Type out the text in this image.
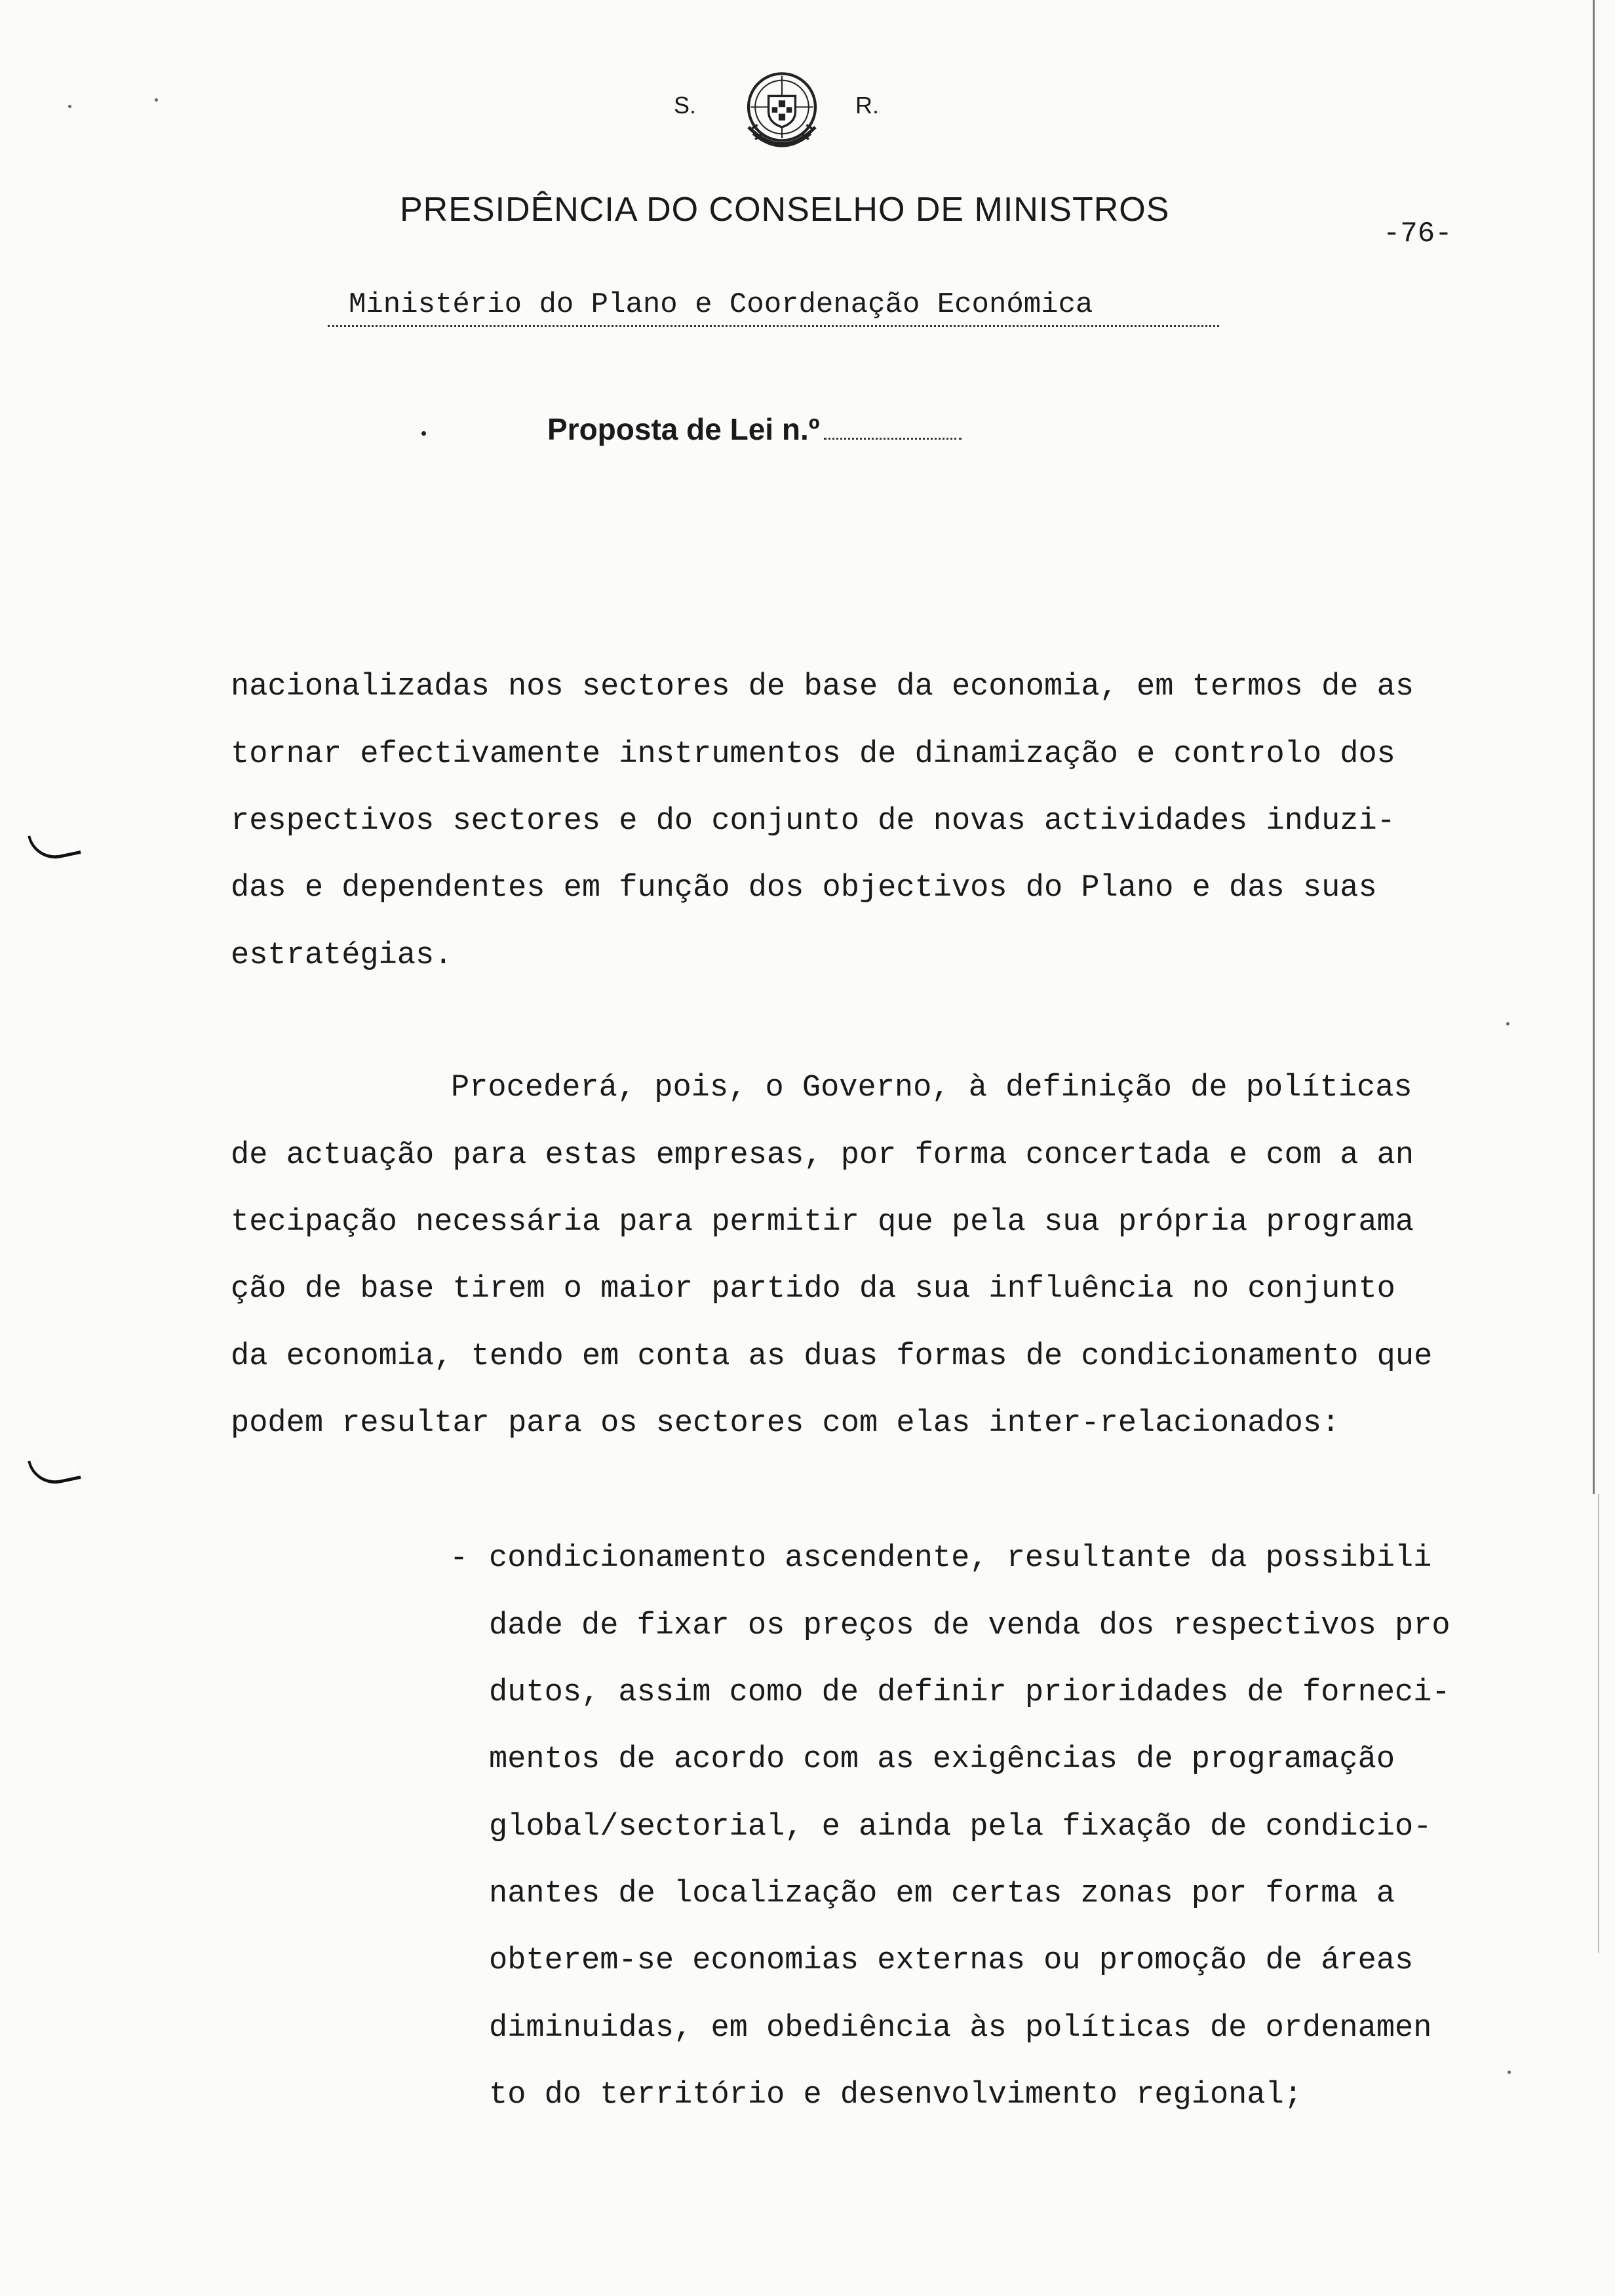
S.	R.
PRESIDÊNCIA DO CONSELHO DE MINISTROS
-76-
Ministério do Plano e Coordenação Económica
Proposta de Lei n.º
nacionalizadas nos sectores de base da economia, em termos de as
tornar efectivamente instrumentos de dinamização e controlo dos
respectivos sectores e do conjunto de novas actividades induzi-
das e dependentes em função dos objectivos do Plano e das suas
estratégias.
Procederá, pois, o Governo, à definição de políticas
de actuação para estas empresas, por forma concertada e com a an
tecipação necessária para permitir que pela sua própria programa
ção de base tirem o maior partido da sua influência no conjunto
da economia, tendo em conta as duas formas de condicionamento que
podem resultar para os sectores com elas inter-relacionados:
- condicionamento ascendente, resultante da possibili
dade de fixar os preços de venda dos respectivos pro
dutos, assim como de definir prioridades de forneci-
mentos de acordo com as exigências de programação
global/sectorial, e ainda pela fixação de condicio-
nantes de localização em certas zonas por forma a
obterem-se economias externas ou promoção de áreas
diminuidas, em obediência às políticas de ordenamen
to do território e desenvolvimento regional;
